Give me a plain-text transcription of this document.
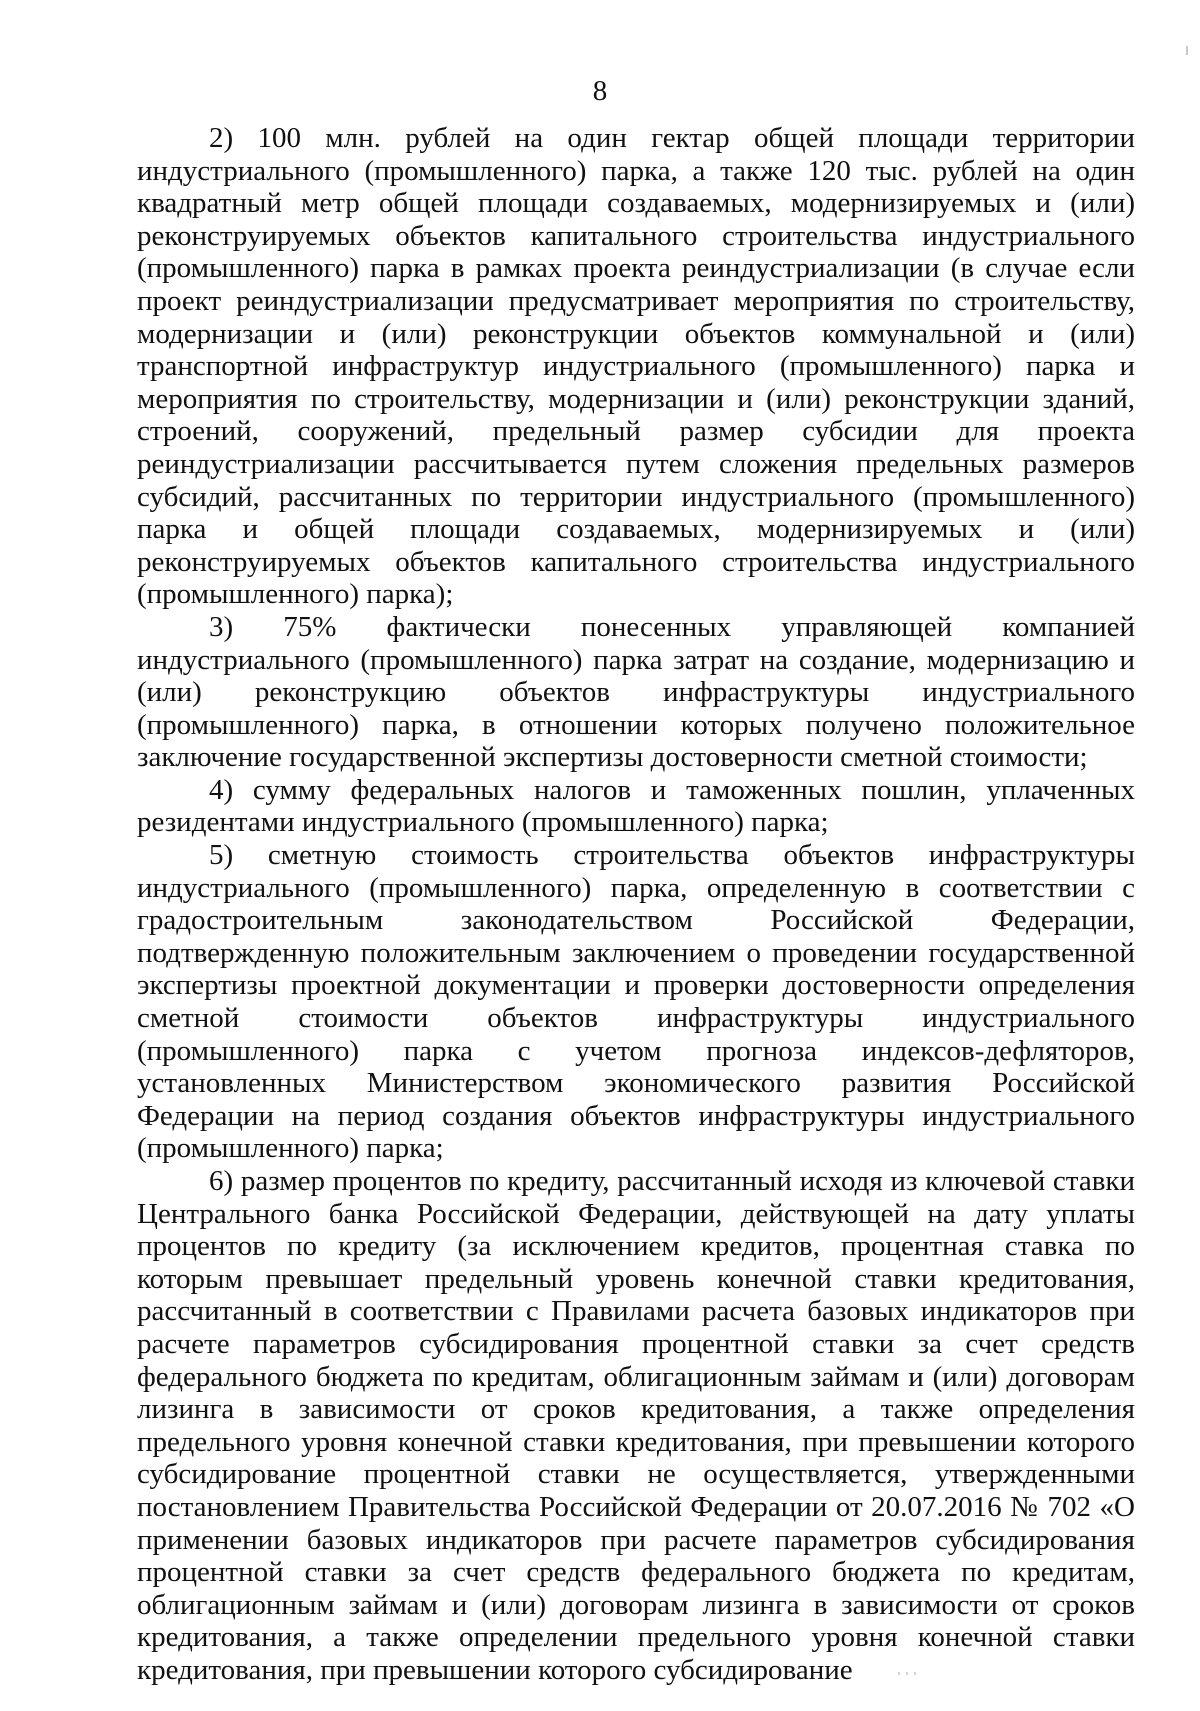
8

2) 100 млн. рублей на один гектар общей площади территории индустриального (промышленного) парка, а также 120 тыс. рублей на один квадратный метр общей площади создаваемых, модернизируемых и (или) реконструируемых объектов капитального строительства индустриального (промышленного) парка в рамках проекта реиндустриализации (в случае если проект реиндустриализации предусматривает мероприятия по строительству, модернизации и (или) реконструкции объектов коммунальной и (или) транспортной инфраструктур индустриального (промышленного) парка и мероприятия по строительству, модернизации и (или) реконструкции зданий, строений, сооружений, предельный размер субсидии для проекта реиндустриализации рассчитывается путем сложения предельных размеров субсидий, рассчитанных по территории индустриального (промышленного) парка и общей площади создаваемых, модернизируемых и (или) реконструируемых объектов капитального строительства индустриального (промышленного) парка);

3) 75% фактически понесенных управляющей компанией индустриального (промышленного) парка затрат на создание, модернизацию и (или) реконструкцию объектов инфраструктуры индустриального (промышленного) парка, в отношении которых получено положительное заключение государственной экспертизы достоверности сметной стоимости;

4) сумму федеральных налогов и таможенных пошлин, уплаченных резидентами индустриального (промышленного) парка;

5) сметную стоимость строительства объектов инфраструктуры индустриального (промышленного) парка, определенную в соответствии с градостроительным законодательством Российской Федерации, подтвержденную положительным заключением о проведении государственной экспертизы проектной документации и проверки достоверности определения сметной стоимости объектов инфраструктуры индустриального (промышленного) парка с учетом прогноза индексов-дефляторов, установленных Министерством экономического развития Российской Федерации на период создания объектов инфраструктуры индустриального (промышленного) парка;

6) размер процентов по кредиту, рассчитанный исходя из ключевой ставки Центрального банка Российской Федерации, действующей на дату уплаты процентов по кредиту (за исключением кредитов, процентная ставка по которым превышает предельный уровень конечной ставки кредитования, рассчитанный в соответствии с Правилами расчета базовых индикаторов при расчете параметров субсидирования процентной ставки за счет средств федерального бюджета по кредитам, облигационным займам и (или) договорам лизинга в зависимости от сроков кредитования, а также определения предельного уровня конечной ставки кредитования, при превышении которого субсидирование процентной ставки не осуществляется, утвержденными постановлением Правительства Российской Федерации от 20.07.2016 № 702 «О применении базовых индикаторов при расчете параметров субсидирования процентной ставки за счет средств федерального бюджета по кредитам, облигационным займам и (или) договорам лизинга в зависимости от сроков кредитования, а также определении предельного уровня конечной ставки кредитования, при превышении которого субсидирование
